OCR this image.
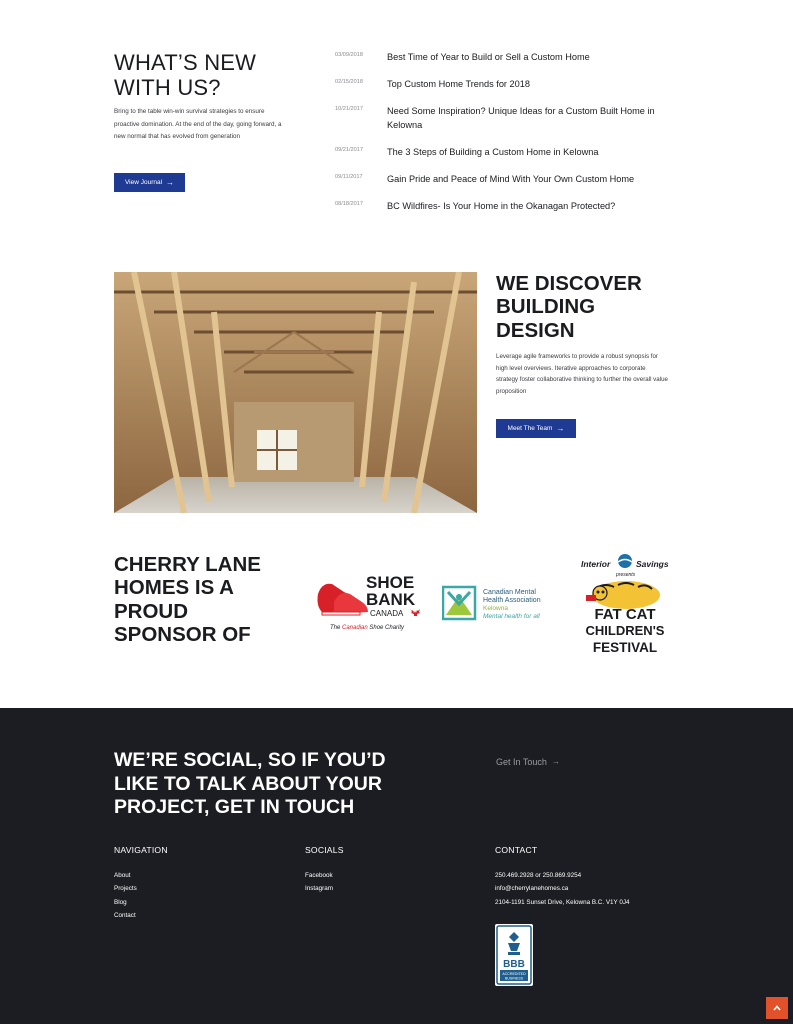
WHAT’S NEW WITH US?

Bring to the table win-win survival strategies to ensure proactive domination. At the end of the day, going forward, a new normal that has evolved from generation

View Journal →
03/09/2018	Best Time of Year to Build or Sell a Custom Home
02/15/2018	Top Custom Home Trends for 2018
10/21/2017	Need Some Inspiration? Unique Ideas for a Custom Built Home in Kelowna
09/21/2017	The 3 Steps of Building a Custom Home in Kelowna
09/11/2017	Gain Pride and Peace of Mind With Your Own Custom Home
08/18/2017	BC Wildfires- Is Your Home in the Okanagan Protected?
WE DISCOVER BUILDING DESIGN

Leverage agile frameworks to provide a robust synopsis for high level overviews. Iterative approaches to corporate strategy foster collaborative thinking to further the overall value proposition

Meet The Team →
CHERRY LANE HOMES IS A PROUD SPONSOR OF
SHOE
BANK
CANADA
The Canadian Shoe Charity
Canadian Mental
Health Association
Kelowna
Mental health for all
Interior	Savings
presents
FAT CAT
CHILDREN'S
FESTIVAL
WE’RE SOCIAL, SO IF YOU’D LIKE TO TALK ABOUT YOUR PROJECT, GET IN TOUCH
Get In Touch →
NAVIGATION
About
Projects
Blog
Contact
SOCIALS
Facebook
Instagram
CONTACT
250.469.2928 or 250.869.9254
info@cherrylanehomes.ca
2104-1191 Sunset Drive, Kelowna B.C. V1Y 0J4
BBB
ACCREDITED
BUSINESS
